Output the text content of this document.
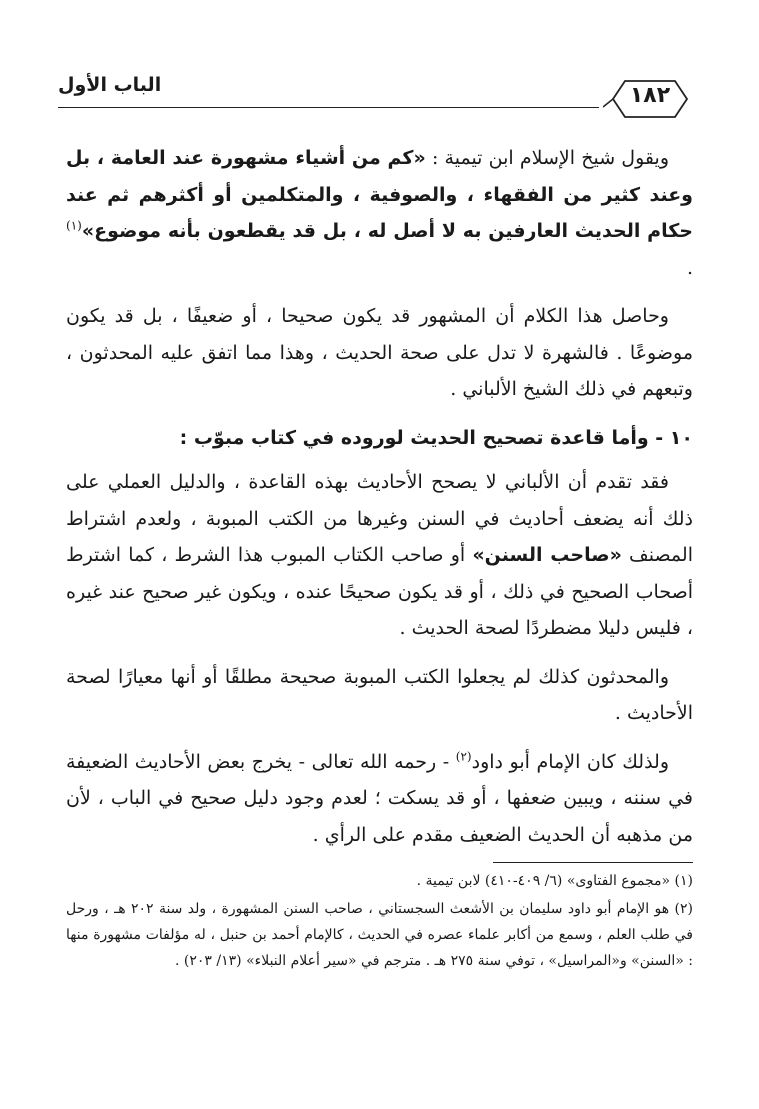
الباب الأول	١٨٢

ويقول شيخ الإسلام ابن تيمية : «كم من أشياء مشهورة عند العامة ، بل وعند كثير من الفقهاء ، والصوفية ، والمتكلمين أو أكثرهم ثم عند حكام الحديث العارفين به لا أصل له ، بل قد يقطعون بأنه موضوع»$^{(١)}$ .

وحاصل هذا الكلام أن المشهور قد يكون صحيحا ، أو ضعيفًا ، بل قد يكون موضوعًا . فالشهرة لا تدل على صحة الحديث ، وهذا مما اتفق عليه المحدثون ، وتبعهم في ذلك الشيخ الألباني .

١٠ - وأما قاعدة تصحيح الحديث لوروده في كتاب مبوّب :

فقد تقدم أن الألباني لا يصحح الأحاديث بهذه القاعدة ، والدليل العملي على ذلك أنه يضعف أحاديث في السنن وغيرها من الكتب المبوبة ، ولعدم اشتراط المصنف «صاحب السنن» أو صاحب الكتاب المبوب هذا الشرط ، كما اشترط أصحاب الصحيح في ذلك ، أو قد يكون صحيحًا عنده ، ويكون غير صحيح عند غيره ، فليس دليلا مضطردًا لصحة الحديث .

والمحدثون كذلك لم يجعلوا الكتب المبوبة صحيحة مطلقًا أو أنها معيارًا لصحة الأحاديث .

ولذلك كان الإمام أبو داود$^{(٢)}$ - رحمه الله تعالى - يخرج بعض الأحاديث الضعيفة في سننه ، ويبين ضعفها ، أو قد يسكت ؛ لعدم وجود دليل صحيح في الباب ، لأن من مذهبه أن الحديث الضعيف مقدم على الرأي .

(١) «مجموع الفتاوى» (٦/ ٤٠٩-٤١٠) لابن تيمية .

(٢) هو الإمام أبو داود سليمان بن الأشعث السجستاني ، صاحب السنن المشهورة ، ولد سنة ٢٠٢ هـ ، ورحل في طلب العلم ، وسمع من أكابر علماء عصره في الحديث ، كالإمام أحمد بن حنبل ، له مؤلفات مشهورة منها : «السنن» و«المراسيل» ، توفي سنة ٢٧٥ هـ . مترجم في «سير أعلام النبلاء» (١٣/ ٢٠٣) .
